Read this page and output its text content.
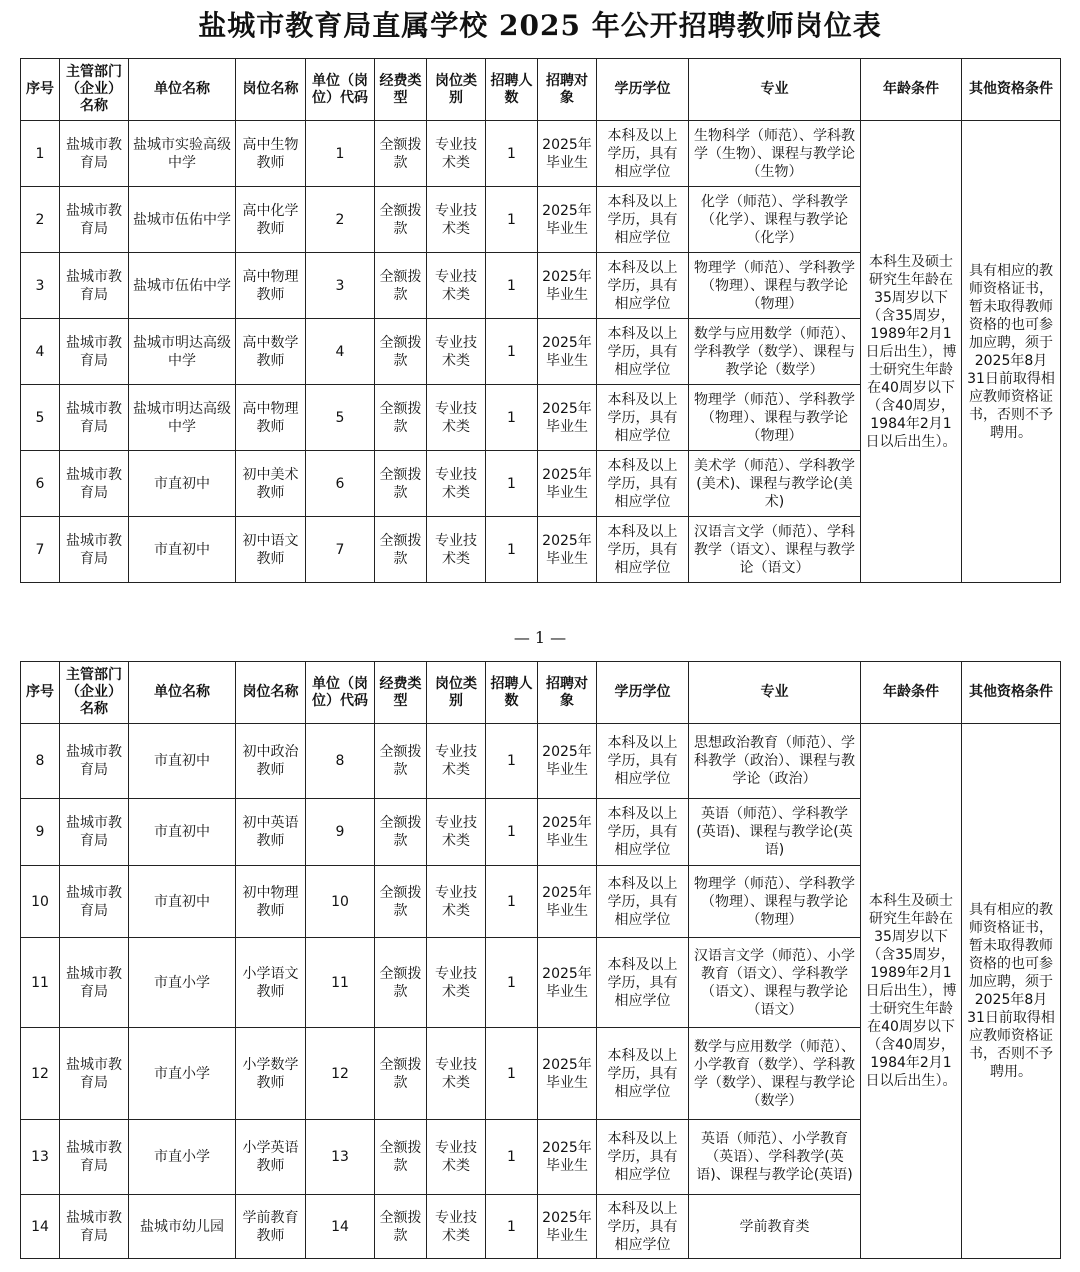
盐城市教育局直属学校 2025 年公开招聘教师岗位表
序号	主管部门（企业）名称	单位名称	岗位名称	单位（岗位）代码	经费类型	岗位类别	招聘人数	招聘对象	学历学位	专业	年龄条件	其他资格条件
1	盐城市教育局	盐城市实验高级中学	高中生物教师	1	全额拨款	专业技术类	1	2025年毕业生	本科及以上学历，具有相应学位	生物科学（师范）、学科教学（生物）、课程与教学论（生物）	本科生及硕士研究生年龄在35周岁以下（含35周岁，1989年2月1日后出生），博士研究生年龄在40周岁以下（含40周岁，1984年2月1日以后出生）。	具有相应的教师资格证书，暂未取得教师资格的也可参加应聘，须于2025年8月31日前取得相应教师资格证书，否则不予聘用。
2	盐城市教育局	盐城市伍佑中学	高中化学教师	2	全额拨款	专业技术类	1	2025年毕业生	本科及以上学历，具有相应学位	化学（师范）、学科教学（化学）、课程与教学论（化学）		
3	盐城市教育局	盐城市伍佑中学	高中物理教师	3	全额拨款	专业技术类	1	2025年毕业生	本科及以上学历，具有相应学位	物理学（师范）、学科教学（物理）、课程与教学论（物理）		
4	盐城市教育局	盐城市明达高级中学	高中数学教师	4	全额拨款	专业技术类	1	2025年毕业生	本科及以上学历，具有相应学位	数学与应用数学（师范）、学科教学（数学）、课程与教学论（数学）		
5	盐城市教育局	盐城市明达高级中学	高中物理教师	5	全额拨款	专业技术类	1	2025年毕业生	本科及以上学历，具有相应学位	物理学（师范）、学科教学（物理）、课程与教学论（物理）		
6	盐城市教育局	市直初中	初中美术教师	6	全额拨款	专业技术类	1	2025年毕业生	本科及以上学历，具有相应学位	美术学（师范）、学科教学(美术)、课程与教学论(美术)		
7	盐城市教育局	市直初中	初中语文教师	7	全额拨款	专业技术类	1	2025年毕业生	本科及以上学历，具有相应学位	汉语言文学（师范）、学科教学（语文）、课程与教学论（语文）		
— 1 —
序号	主管部门（企业）名称	单位名称	岗位名称	单位（岗位）代码	经费类型	岗位类别	招聘人数	招聘对象	学历学位	专业	年龄条件	其他资格条件
8	盐城市教育局	市直初中	初中政治教师	8	全额拨款	专业技术类	1	2025年毕业生	本科及以上学历，具有相应学位	思想政治教育（师范）、学科教学（政治）、课程与教学论（政治）	本科生及硕士研究生年龄在35周岁以下（含35周岁，1989年2月1日后出生），博士研究生年龄在40周岁以下（含40周岁，1984年2月1日以后出生）。	具有相应的教师资格证书，暂未取得教师资格的也可参加应聘，须于2025年8月31日前取得相应教师资格证书，否则不予聘用。
9	盐城市教育局	市直初中	初中英语教师	9	全额拨款	专业技术类	1	2025年毕业生	本科及以上学历，具有相应学位	英语（师范）、学科教学(英语)、课程与教学论(英语)		
10	盐城市教育局	市直初中	初中物理教师	10	全额拨款	专业技术类	1	2025年毕业生	本科及以上学历，具有相应学位	物理学（师范）、学科教学（物理）、课程与教学论（物理）		
11	盐城市教育局	市直小学	小学语文教师	11	全额拨款	专业技术类	1	2025年毕业生	本科及以上学历，具有相应学位	汉语言文学（师范）、小学教育（语文）、学科教学（语文）、课程与教学论（语文）		
12	盐城市教育局	市直小学	小学数学教师	12	全额拨款	专业技术类	1	2025年毕业生	本科及以上学历，具有相应学位	数学与应用数学（师范）、小学教育（数学）、学科教学（数学）、课程与教学论（数学）		
13	盐城市教育局	市直小学	小学英语教师	13	全额拨款	专业技术类	1	2025年毕业生	本科及以上学历，具有相应学位	英语（师范）、小学教育（英语）、学科教学(英语)、课程与教学论(英语)		
14	盐城市教育局	盐城市幼儿园	学前教育教师	14	全额拨款	专业技术类	1	2025年毕业生	本科及以上学历，具有相应学位	学前教育类		
